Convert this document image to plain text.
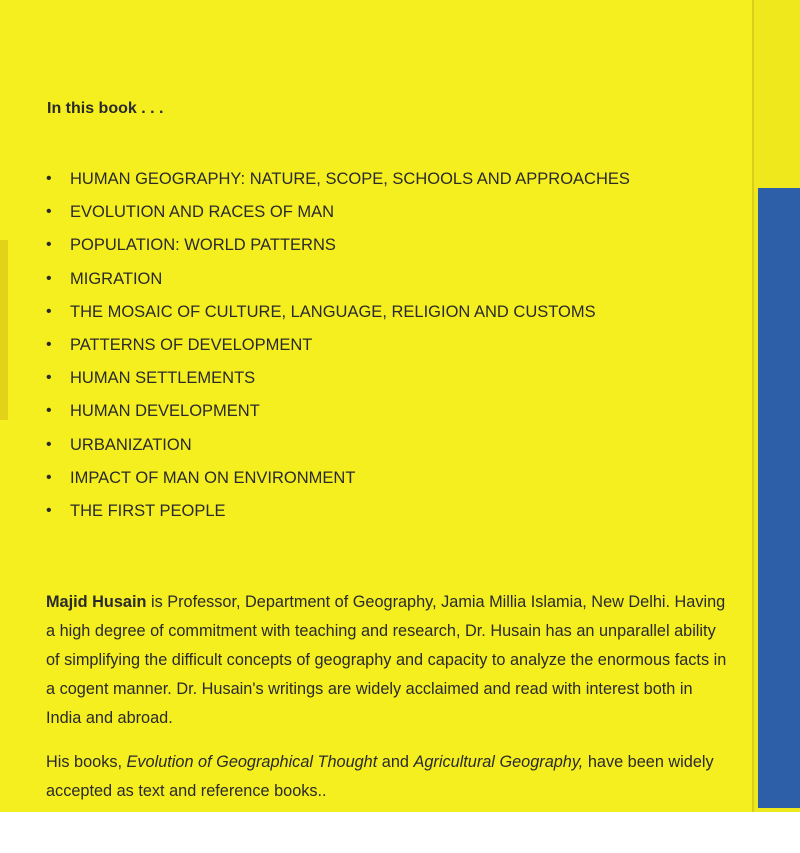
In this book . . .
• HUMAN GEOGRAPHY: NATURE, SCOPE, SCHOOLS AND APPROACHES
• EVOLUTION AND RACES OF MAN
• POPULATION: WORLD PATTERNS
• MIGRATION
• THE MOSAIC OF CULTURE, LANGUAGE, RELIGION AND CUSTOMS
• PATTERNS OF DEVELOPMENT
• HUMAN SETTLEMENTS
• HUMAN DEVELOPMENT
• URBANIZATION
• IMPACT OF MAN ON ENVIRONMENT
• THE FIRST PEOPLE

Majid Husain is Professor, Department of Geography, Jamia Millia Islamia, New Delhi. Having a high degree of commitment with teaching and research, Dr. Husain has an unparallel ability of simplifying the difficult concepts of geography and capacity to analyze the enormous facts in a cogent manner. Dr. Husain's writings are widely acclaimed and read with interest both in India and abroad.

His books, Evolution of Geographical Thought and Agricultural Geography, have been widely accepted as text and reference books..
